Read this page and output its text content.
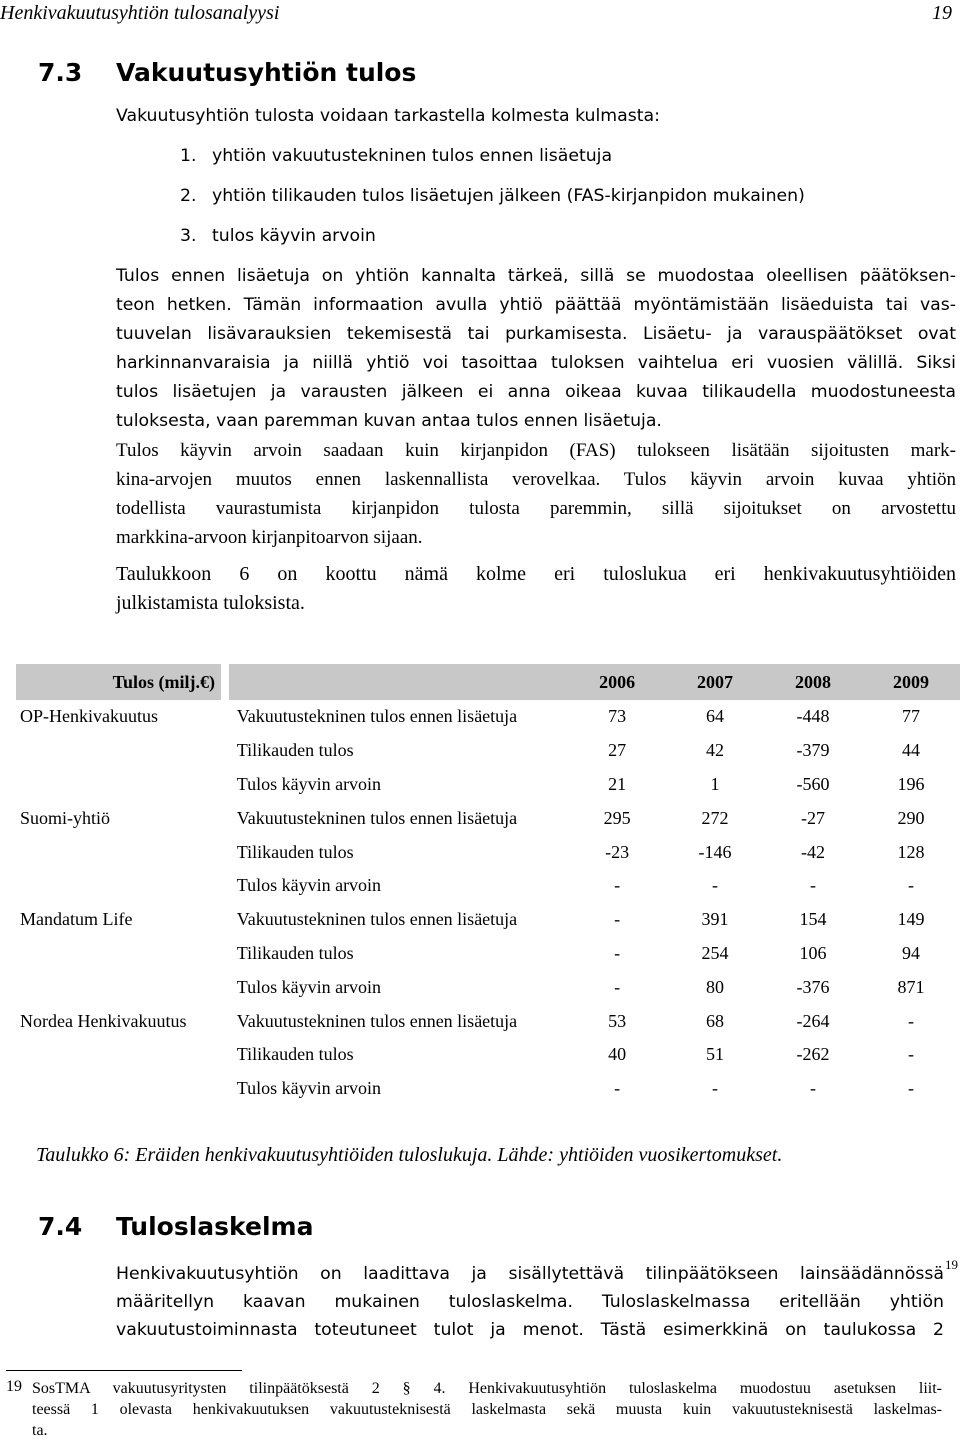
Henkivakuutusyhtiön tulosanalyysi	19
7.3 Vakuutusyhtiön tulos
Vakuutusyhtiön tulosta voidaan tarkastella kolmesta kulmasta:
1. yhtiön vakuutustekninen tulos ennen lisäetuja
2. yhtiön tilikauden tulos lisäetujen jälkeen (FAS-kirjanpidon mukainen)
3. tulos käyvin arvoin
Tulos ennen lisäetuja on yhtiön kannalta tärkeä, sillä se muodostaa oleellisen päätöksen-
teon hetken. Tämän informaation avulla yhtiö päättää myöntämistään lisäeduista tai vas-
tuuvelan lisävarauksien tekemisestä tai purkamisesta. Lisäetu- ja varauspäätökset ovat
harkinnanvaraisia ja niillä yhtiö voi tasoittaa tuloksen vaihtelua eri vuosien välillä. Siksi
tulos lisäetujen ja varausten jälkeen ei anna oikeaa kuvaa tilikaudella muodostuneesta
tuloksesta, vaan paremman kuvan antaa tulos ennen lisäetuja.
Tulos käyvin arvoin saadaan kuin kirjanpidon (FAS) tulokseen lisätään sijoitusten mark-
kina-arvojen muutos ennen laskennallista verovelkaa. Tulos käyvin arvoin kuvaa yhtiön
todellista vaurastumista kirjanpidon tulosta paremmin, sillä sijoitukset on arvostettu
markkina-arvoon kirjanpitoarvon sijaan.
Taulukkoon 6 on koottu nämä kolme eri tuloslukua eri henkivakuutusyhtiöiden
julkistamista tuloksista.
Tulos (milj.€)			2006	2007	2008	2009
OP-Henkivakuutus		Vakuutustekninen tulos ennen lisäetuja	73	64	-448	77
		Tilikauden tulos	27	42	-379	44
		Tulos käyvin arvoin	21	1	-560	196
Suomi-yhtiö		Vakuutustekninen tulos ennen lisäetuja	295	272	-27	290
		Tilikauden tulos	-23	-146	-42	128
		Tulos käyvin arvoin	-	-	-	-
Mandatum Life		Vakuutustekninen tulos ennen lisäetuja	-	391	154	149
		Tilikauden tulos	-	254	106	94
		Tulos käyvin arvoin	-	80	-376	871
Nordea Henkivakuutus		Vakuutustekninen tulos ennen lisäetuja	53	68	-264	-
		Tilikauden tulos	40	51	-262	-
		Tulos käyvin arvoin	-	-	-	-
Taulukko 6: Eräiden henkivakuutusyhtiöiden tuloslukuja. Lähde: yhtiöiden vuosikertomukset.
7.4 Tuloslaskelma
Henkivakuutusyhtiön on laadittava ja sisällytettävä tilinpäätökseen lainsäädännössä
määritellyn kaavan mukainen tuloslaskelma. Tuloslaskelmassa eritellään yhtiön
vakuutustoiminnasta toteutuneet tulot ja menot. Tästä esimerkkinä on taulukossa 2
19
19 SosTMA vakuutusyritysten tilinpäätöksestä 2 § 4. Henkivakuutusyhtiön tuloslaskelma muodostuu asetuksen liit-
teessä 1 olevasta henkivakuutuksen vakuutusteknisestä laskelmasta sekä muusta kuin vakuutusteknisestä laskelmas-
ta.
